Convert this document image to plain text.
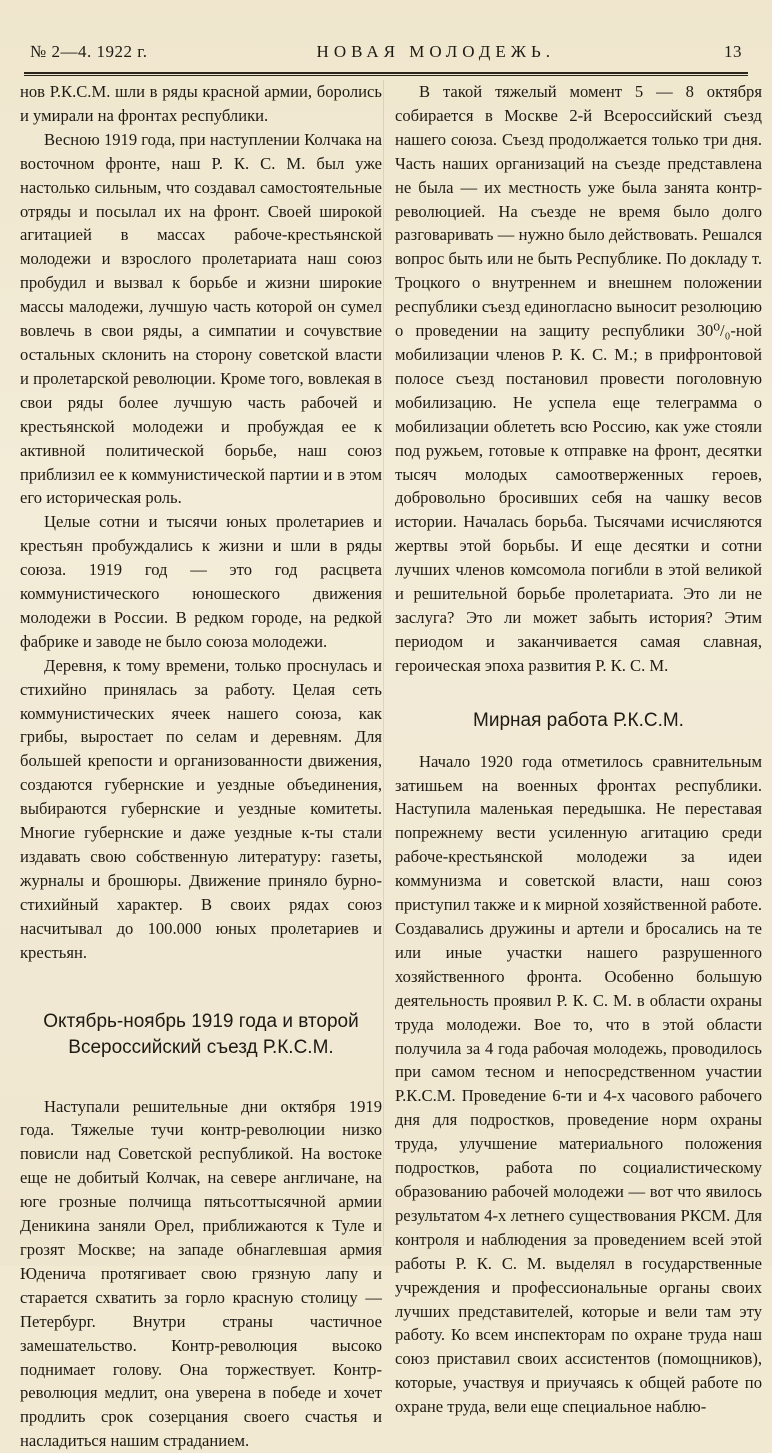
№ 2—4. 1922 г.	НОВАЯ МОЛОДЕЖЬ.	13

нов Р.К.С.М. шли в ряды красной армии, боролись и умирали на фронтах республики.

Весною 1919 года, при наступлении Колчака на восточном фронте, наш Р. К. С. М. был уже настолько сильным, что создавал самостоятельные отряды и посылал их на фронт. Своей широкой агитацией в массах рабоче-крестьянской молодежи и взрослого пролетариата наш союз пробудил и вызвал к борьбе и жизни широкие массы малодежи, лучшую часть которой он сумел вовлечь в свои ряды, а симпатии и сочувствие остальных склонить на сторону советской власти и пролетарской революции. Кроме того, вовлекая в свои ряды более лучшую часть рабочей и крестьянской молодежи и пробуждая ее к активной политической борьбе, наш союз приблизил ее к коммунистической партии и в этом его историческая роль.

Целые сотни и тысячи юных пролетариев и крестьян пробуждались к жизни и шли в ряды союза. 1919 год — это год расцвета коммунистического юношеского движения молодежи в России. В редком городе, на редкой фабрике и заводе не было союза молодежи.

Деревня, к тому времени, только проснулась и стихийно принялась за работу. Целая сеть коммунистических ячеек нашего союза, как грибы, выростает по селам и деревням. Для большей крепости и организованности движения, создаются губернские и уездные объединения, выбираются губернские и уездные комитеты. Многие губернские и даже уездные к-ты стали издавать свою собственную литературу: газеты, журналы и брошюры. Движение приняло бурно-стихийный характер. В своих рядах союз насчитывал до 100.000 юных пролетариев и крестьян.

Октябрь-ноябрь 1919 года и второй Всероссийский съезд Р.К.С.М.

Наступали решительные дни октября 1919 года. Тяжелые тучи контр-революции низко повисли над Советской республикой. На востоке еще не добитый Колчак, на севере англичане, на юге грозные полчища пятьсоттысячной армии Деникина заняли Орел, приближаются к Туле и грозят Москве; на западе обнаглевшая армия Юденича протягивает свою грязную лапу и старается схватить за горло красную столицу — Петербург. Внутри страны частичное замешательство. Контр-революция высоко поднимает голову. Она торжествует. Контр-революция медлит, она уверена в победе и хочет продлить срок созерцания своего счастья и насладиться нашим страданием.

В такой тяжелый момент 5 — 8 октября собирается в Москве 2-й Всероссийский съезд нашего союза. Съезд продолжается только три дня. Часть наших организаций на съезде представлена не была — их местность уже была занята контр-революцией. На съезде не время было долго разговаривать — нужно было действовать. Решался вопрос быть или не быть Республике. По докладу т. Троцкого о внутреннем и внешнем положении республики съезд единогласно выносит резолюцию о проведении на защиту республики 30⁰/₀-ной мобилизации членов Р. К. С. М.; в прифронтовой полосе съезд постановил провести поголовную мобилизацию. Не успела еще телеграмма о мобилизации облететь всю Россию, как уже стояли под ружьем, готовые к отправке на фронт, десятки тысяч молодых самоотверженных героев, добровольно бросивших себя на чашку весов истории. Началась борьба. Тысячами исчисляются жертвы этой борьбы. И еще десятки и сотни лучших членов комсомола погибли в этой великой и решительной борьбе пролетариата. Это ли не заслуга? Это ли может забыть история? Этим периодом и заканчивается самая славная, героическая эпоха развития Р. К. С. М.

Мирная работа Р.К.С.М.

Начало 1920 года отметилось сравнительным затишьем на военных фронтах республики. Наступила маленькая передышка. Не переставая попрежнему вести усиленную агитацию среди рабоче-крестьянской молодежи за идеи коммунизма и советской власти, наш союз приступил также и к мирной хозяйственной работе. Создавались дружины и артели и бросались на те или иные участки нашего разрушенного хозяйственного фронта. Особенно большую деятельность проявил Р. К. С. М. в области охраны труда молодежи. Вое то, что в этой области получила за 4 года рабочая молодежь, проводилось при самом тесном и непосредственном участии Р.К.С.М. Проведение 6-ти и 4-х часового рабочего дня для подростков, проведение норм охраны труда, улучшение материального положения подростков, работа по социалистическому образованию рабочей молодежи — вот что явилось результатом 4-х летнего существования РКСМ. Для контроля и наблюдения за проведением всей этой работы Р. К. С. М. выделял в государственные учреждения и профессиональные органы своих лучших представителей, которые и вели там эту работу. Ко всем инспекторам по охране труда наш союз приставил своих ассистентов (помощников), которые, участвуя и приучаясь к общей работе по охране труда, вели еще специальное наблю-
